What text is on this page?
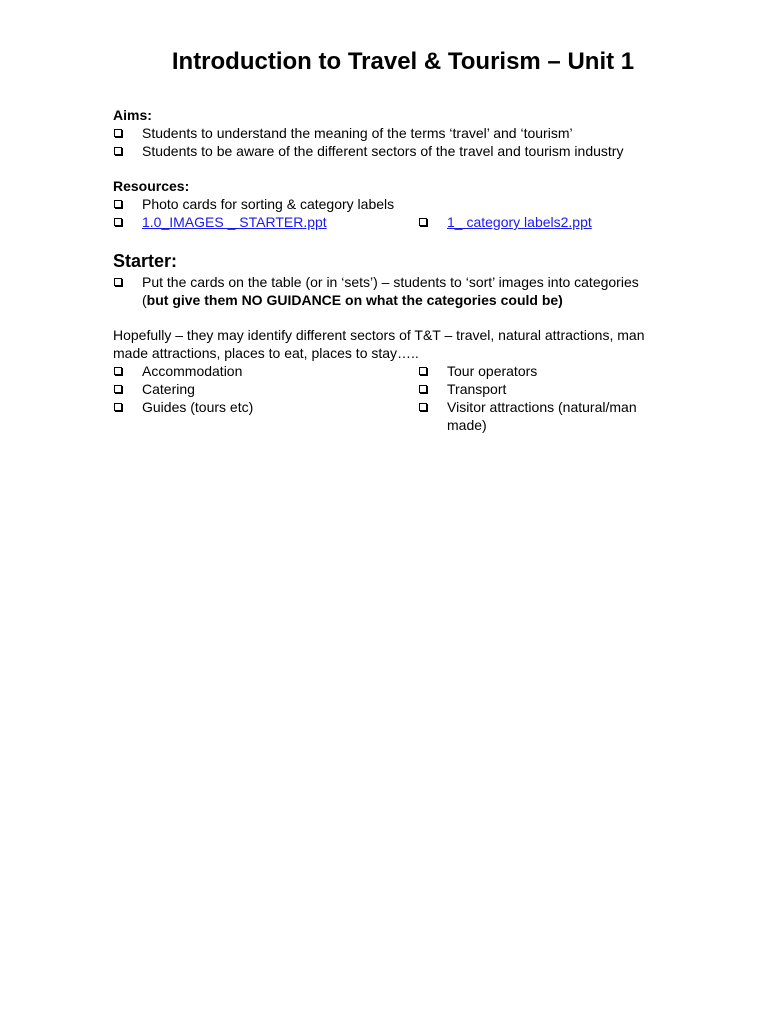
Introduction to Travel & Tourism – Unit 1
Aims:
Students to understand the meaning of the terms ‘travel’ and ‘tourism’
Students to be aware of the different sectors of the travel and tourism industry
Resources:
Photo cards for sorting & category labels
1.0_IMAGES _ STARTER.ppt	1_ category labels2.ppt
Starter:
Put the cards on the table (or in ‘sets’) – students to ‘sort’ images into categories
(but give them NO GUIDANCE on what the categories could be)

Hopefully – they may identify different sectors of T&T – travel, natural attractions, man made attractions, places to eat, places to stay…..

Accommodation	Tour operators
Catering	Transport
Guides (tours etc)	Visitor attractions (natural/man made)
